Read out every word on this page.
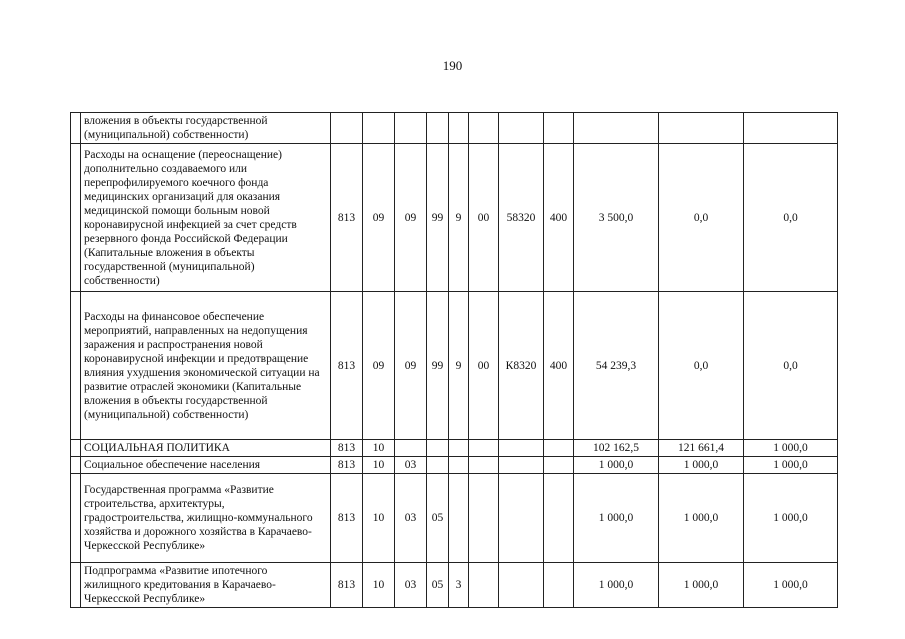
190
	вложения в объекты государственной (муниципальной) собственности)											
	Расходы на оснащение (переоснащение) дополнительно создаваемого или перепрофилируемого коечного фонда медицинских организаций для оказания медицинской помощи больным новой коронавирусной инфекцией за счет средств резервного фонда Российской Федерации (Капитальные вложения в объекты государственной (муниципальной) собственности)	813	09	09	99	9	00	58320	400	3 500,0	0,0	0,0
	Расходы на финансовое обеспечение мероприятий, направленных на недопущения заражения и распространения новой коронавирусной инфекции и предотвращение влияния ухудшения экономической ситуации на развитие отраслей экономики (Капитальные вложения в объекты государственной (муниципальной) собственности)	813	09	09	99	9	00	К8320	400	54 239,3	0,0	0,0
	СОЦИАЛЬНАЯ ПОЛИТИКА	813	10							102 162,5	121 661,4	1 000,0
	Социальное обеспечение населения	813	10	03						1 000,0	1 000,0	1 000,0
	Государственная программа «Развитие строительства, архитектуры, градостроительства, жилищно-коммунального хозяйства и дорожного хозяйства в Карачаево-Черкесской Республике»	813	10	03	05					1 000,0	1 000,0	1 000,0
	Подпрограмма «Развитие ипотечного жилищного кредитования в Карачаево-Черкесской Республике»	813	10	03	05	3				1 000,0	1 000,0	1 000,0
